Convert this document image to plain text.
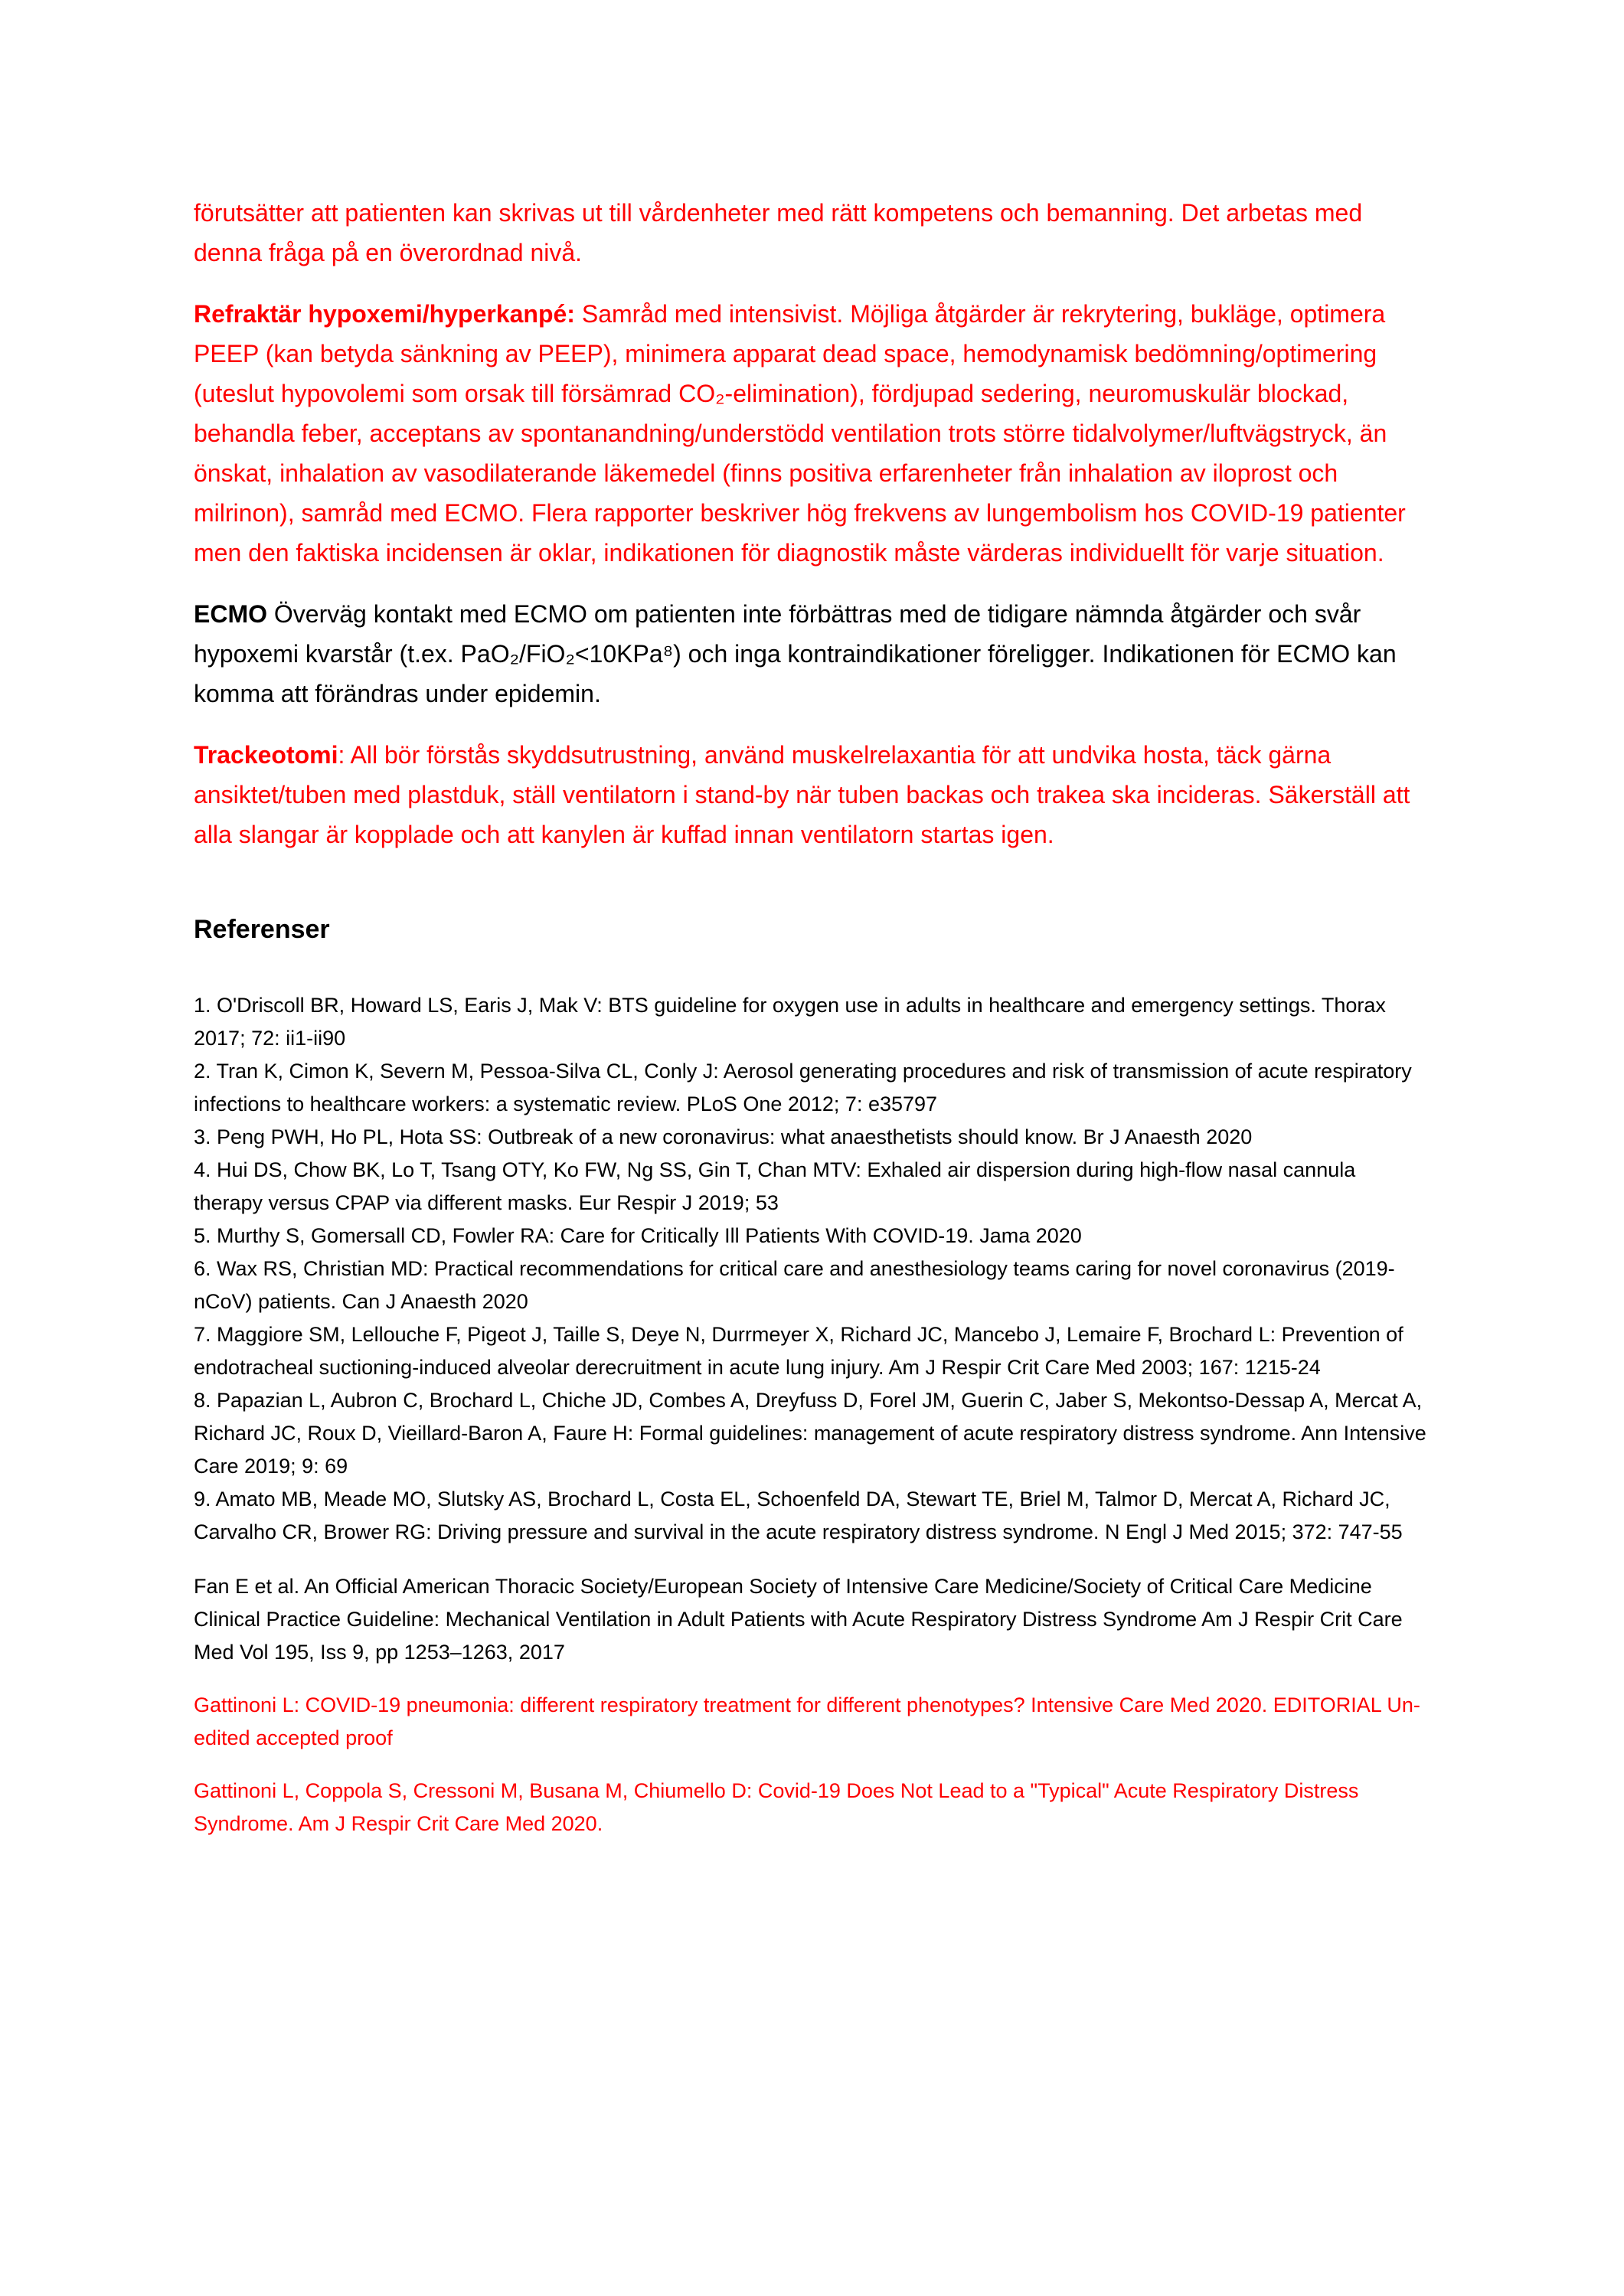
förutsätter att patienten kan skrivas ut till vårdenheter med rätt kompetens och bemanning. Det arbetas med denna fråga på en överordnad nivå.

Refraktär hypoxemi/hyperkanpé: Samråd med intensivist. Möjliga åtgärder är rekrytering, bukläge, optimera PEEP (kan betyda sänkning av PEEP), minimera apparat dead space, hemodynamisk bedömning/optimering (uteslut hypovolemi som orsak till försämrad CO₂-elimination), fördjupad sedering, neuromuskulär blockad, behandla feber, acceptans av spontanandning/understödd ventilation trots större tidalvolymer/luftvägstryck, än önskat, inhalation av vasodilaterande läkemedel (finns positiva erfarenheter från inhalation av iloprost och milrinon), samråd med ECMO. Flera rapporter beskriver hög frekvens av lungembolism hos COVID-19 patienter men den faktiska incidensen är oklar, indikationen för diagnostik måste värderas individuellt för varje situation.

ECMO Överväg kontakt med ECMO om patienten inte förbättras med de tidigare nämnda åtgärder och svår hypoxemi kvarstår (t.ex. PaO₂/FiO₂<10KPa⁸) och inga kontraindikationer föreligger. Indikationen för ECMO kan komma att förändras under epidemin.

Trackeotomi: All bör förstås skyddsutrustning, använd muskelrelaxantia för att undvika hosta, täck gärna ansiktet/tuben med plastduk, ställ ventilatorn i stand-by när tuben backas och trakea ska incideras. Säkerställ att alla slangar är kopplade och att kanylen är kuffad innan ventilatorn startas igen.

Referenser

1. O'Driscoll BR, Howard LS, Earis J, Mak V: BTS guideline for oxygen use in adults in healthcare and emergency settings. Thorax 2017; 72: ii1-ii90

2. Tran K, Cimon K, Severn M, Pessoa-Silva CL, Conly J: Aerosol generating procedures and risk of transmission of acute respiratory infections to healthcare workers: a systematic review. PLoS One 2012; 7: e35797

3. Peng PWH, Ho PL, Hota SS: Outbreak of a new coronavirus: what anaesthetists should know. Br J Anaesth 2020

4. Hui DS, Chow BK, Lo T, Tsang OTY, Ko FW, Ng SS, Gin T, Chan MTV: Exhaled air dispersion during high-flow nasal cannula therapy versus CPAP via different masks. Eur Respir J 2019; 53

5. Murthy S, Gomersall CD, Fowler RA: Care for Critically Ill Patients With COVID-19. Jama 2020

6. Wax RS, Christian MD: Practical recommendations for critical care and anesthesiology teams caring for novel coronavirus (2019-nCoV) patients. Can J Anaesth 2020

7. Maggiore SM, Lellouche F, Pigeot J, Taille S, Deye N, Durrmeyer X, Richard JC, Mancebo J, Lemaire F, Brochard L: Prevention of endotracheal suctioning-induced alveolar derecruitment in acute lung injury. Am J Respir Crit Care Med 2003; 167: 1215-24

8. Papazian L, Aubron C, Brochard L, Chiche JD, Combes A, Dreyfuss D, Forel JM, Guerin C, Jaber S, Mekontso-Dessap A, Mercat A, Richard JC, Roux D, Vieillard-Baron A, Faure H: Formal guidelines: management of acute respiratory distress syndrome. Ann Intensive Care 2019; 9: 69

9. Amato MB, Meade MO, Slutsky AS, Brochard L, Costa EL, Schoenfeld DA, Stewart TE, Briel M, Talmor D, Mercat A, Richard JC, Carvalho CR, Brower RG: Driving pressure and survival in the acute respiratory distress syndrome. N Engl J Med 2015; 372: 747-55

Fan E et al. An Official American Thoracic Society/European Society of Intensive Care Medicine/Society of Critical Care Medicine Clinical Practice Guideline: Mechanical Ventilation in Adult Patients with Acute Respiratory Distress Syndrome Am J Respir Crit Care Med Vol 195, Iss 9, pp 1253–1263, 2017

Gattinoni L: COVID-19 pneumonia: different respiratory treatment for different phenotypes? Intensive Care Med 2020. EDITORIAL Un-edited accepted proof

Gattinoni L, Coppola S, Cressoni M, Busana M, Chiumello D: Covid-19 Does Not Lead to a "Typical" Acute Respiratory Distress Syndrome. Am J Respir Crit Care Med 2020.
